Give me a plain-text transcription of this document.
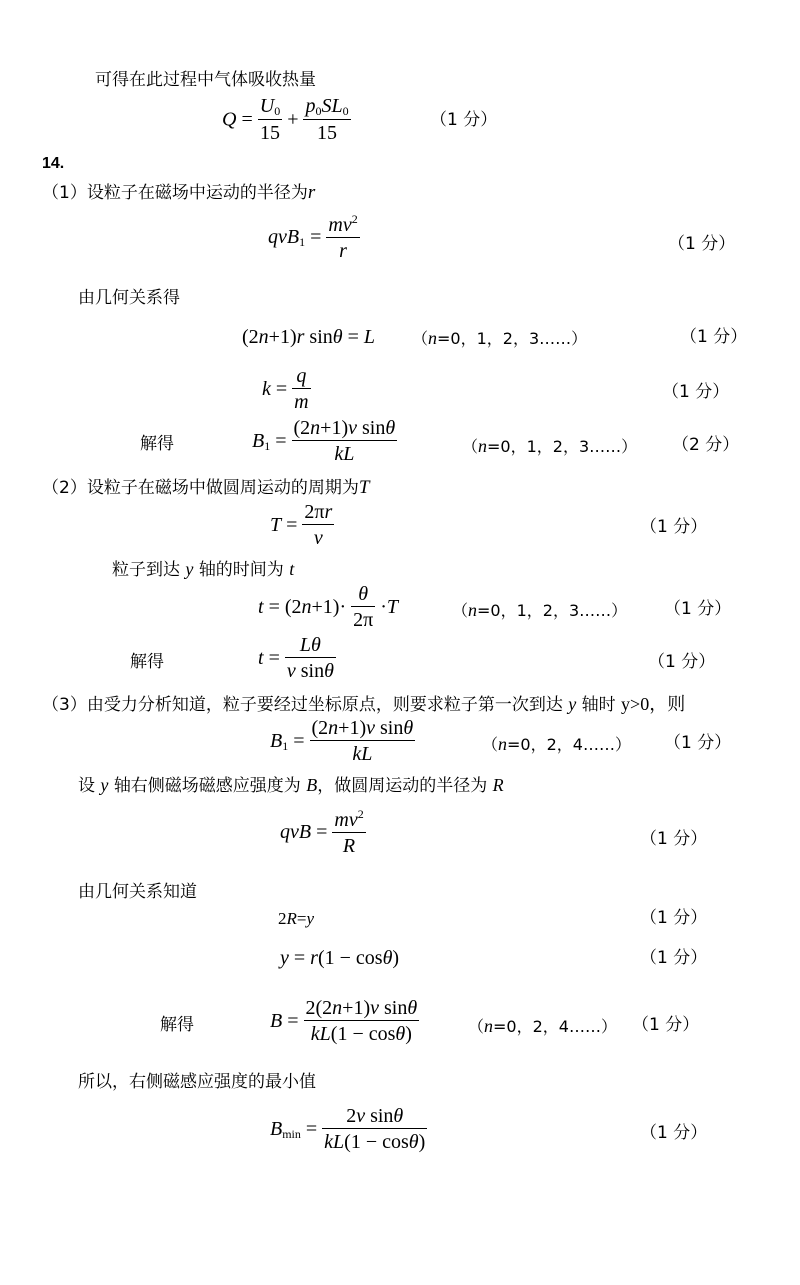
可得在此过程中气体吸收热量
$Q = \frac{U_0}{15} + \frac{p_0SL_0}{15}$	（1 分）
14.
（1）设粒子在磁场中运动的半径为r
$qvB_1 = \frac{mv^2}{r}$	（1 分）
由几何关系得
(2n+1)r sinθ = L （n=0，1，2，3……）	（1 分）
$k = \frac{q}{m}$	（1 分）
解得	$B_1 = \frac{\text{(2n+1)v sinθ}}{kL}$	（n=0，1，2，3……） （2 分）
（2）设粒子在磁场中做圆周运动的周期为T
$T = \frac{2\pi r}{v}$	（1 分）
粒子到达 y 轴的时间为 t
$t = (2n+1)\cdot \frac{\theta}{2\pi} \cdot T$	（n=0，1，2，3……） （1 分）
解得	$t = \frac{L\theta}{\text{v sinθ}}$	（1 分）
（3）由受力分析知道，粒子要经过坐标原点，则要求粒子第一次到达 y 轴时 y>0，则
$B_1 = \frac{\text{(2n+1)v sinθ}}{kL}$	（n=0，2，4……） （1 分）
设 y 轴右侧磁场磁感应强度为 B，做圆周运动的半径为 R
qvB = $\frac{mv^2}{R}$	（1 分）
由几何关系知道
2R=y	（1 分）
y = r(1 − cosθ)	（1 分）
解得	$B = \frac{\text{2(2n+1)v sinθ}}{kL(1 - \cos\theta)}$	（n=0，2，4……） （1 分）
所以，右侧磁感应强度的最小值
$B_{min} = \frac{\text{2v sinθ}}{kL(1 - \cos\theta)}$	（1 分）
